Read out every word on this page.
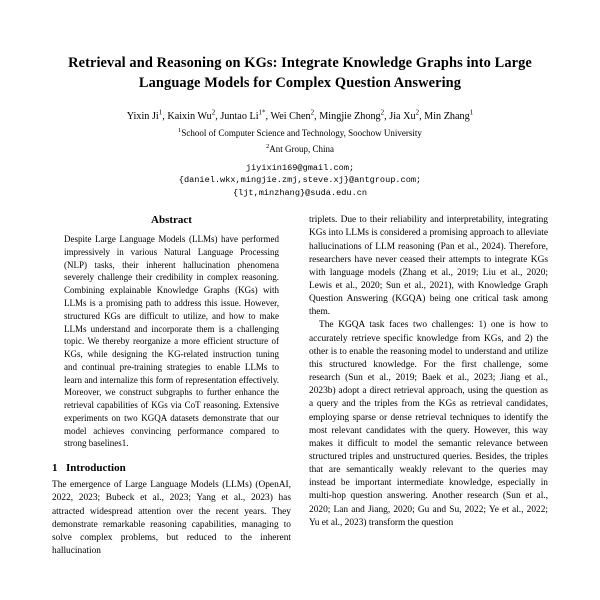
Retrieval and Reasoning on KGs: Integrate Knowledge Graphs into Large Language Models for Complex Question Answering
Yixin Ji$^1$, Kaixin Wu$^2$, Juntao $Li^{1*}$, Wei Chen$^2$, Mingjie Zhong$^2$, Jia Xu$^2$, Min Zhang$^1$
$^1$School of Computer Science and Technology, Soochow University
$^2$Ant Group, China
jiyixin169@gmail.com;
{daniel.wkx,mingjie.zmj,steve.xj}@antgroup.com;
{ljt,minzhang}@suda.edu.cn
Abstract

Despite Large Language Models (LLMs) have performed impressively in various Natural Language Processing (NLP) tasks, their inherent hallucination phenomena severely challenge their credibility in complex reasoning. Combining explainable Knowledge Graphs (KGs) with LLMs is a promising path to address this issue. However, structured KGs are difficult to utilize, and how to make LLMs understand and incorporate them is a challenging topic. We thereby reorganize a more efficient structure of KGs, while designing the KG-related instruction tuning and continual pre-training strategies to enable LLMs to learn and internalize this form of representation effectively. Moreover, we construct subgraphs to further enhance the retrieval capabilities of KGs via CoT reasoning. Extensive experiments on two KGQA datasets demonstrate that our model achieves convincing performance compared to strong baselines1.

1 Introduction

The emergence of Large Language Models (LLMs) (OpenAI, 2022, 2023; Bubeck et al., 2023; Yang et al., 2023) has attracted widespread attention over the recent years. They demonstrate remarkable reasoning capabilities, managing to solve complex problems, but reduced to the inherent hallucination

triplets. Due to their reliability and interpretability, integrating KGs into LLMs is considered a promising approach to alleviate hallucinations of LLM reasoning (Pan et al., 2024). Therefore, researchers have never ceased their attempts to integrate KGs with language models (Zhang et al., 2019; Liu et al., 2020; Lewis et al., 2020; Sun et al., 2021), with Knowledge Graph Question Answering (KGQA) being one critical task among them.

The KGQA task faces two challenges: 1) one is how to accurately retrieve specific knowledge from KGs, and 2) the other is to enable the reasoning model to understand and utilize this structured knowledge. For the first challenge, some research (Sun et al., 2019; Baek et al., 2023; Jiang et al., 2023b) adopt a direct retrieval approach, using the question as a query and the triples from the KGs as retrieval candidates, employing sparse or dense retrieval techniques to identify the most relevant candidates with the query. However, this way makes it difficult to model the semantic relevance between structured triples and unstructured queries. Besides, the triples that are semantically weakly relevant to the queries may instead be important intermediate knowledge, especially in multi-hop question answering. Another research (Sun et al., 2020; Lan and Jiang, 2020; Gu and Su, 2022; Ye et al., 2022; Yu et al., 2023) transform the question
